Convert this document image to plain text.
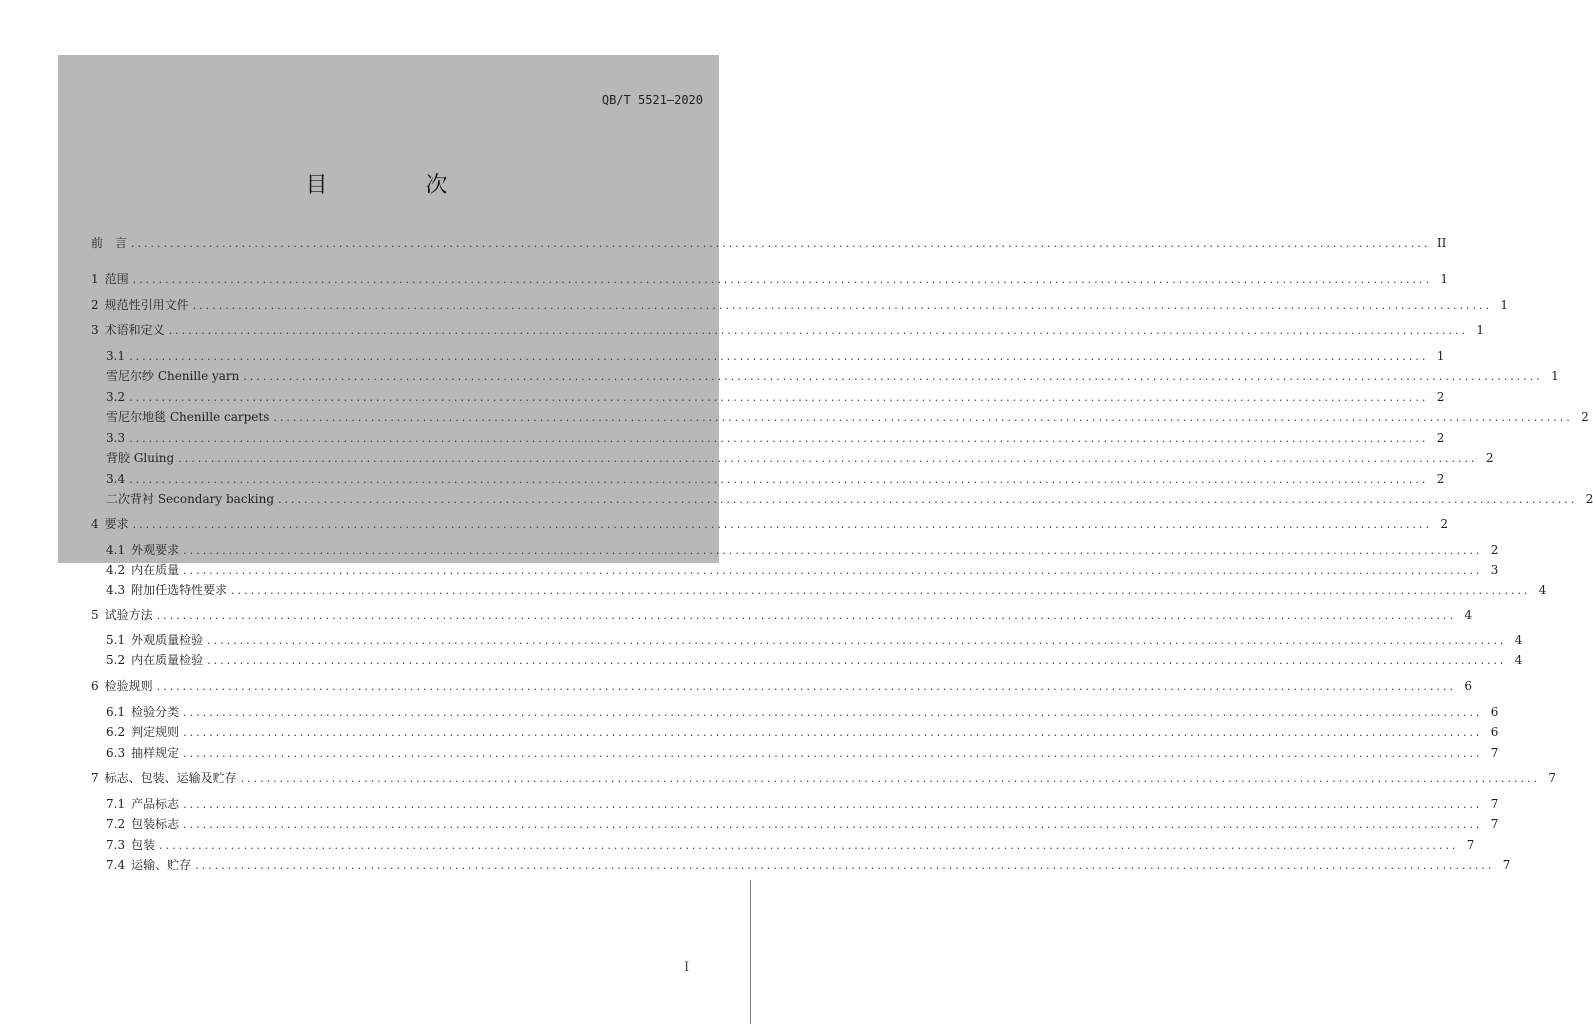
QB/T 5521—2020
目　次
前　言 ........................................................................................................................................................................................................ II
1 范围 ........................................................................................................................................................................................................ 1
2 规范性引用文件 ........................................................................................................................................................................................................ 1
3 术语和定义 ........................................................................................................................................................................................................ 1
3.1 ........................................................................................................................................................................................................ 1
雪尼尔纱 Chenille yarn ........................................................................................................................................................................................................ 1
3.2 ........................................................................................................................................................................................................ 2
雪尼尔地毯 Chenille carpets ........................................................................................................................................................................................................ 2
3.3 ........................................................................................................................................................................................................ 2
背胶 Gluing ........................................................................................................................................................................................................ 2
3.4 ........................................................................................................................................................................................................ 2
二次背衬 Secondary backing ........................................................................................................................................................................................................ 2
4 要求 ........................................................................................................................................................................................................ 2
4.1 外观要求 ........................................................................................................................................................................................................ 2
4.2 内在质量 ........................................................................................................................................................................................................ 3
4.3 附加任选特性要求 ........................................................................................................................................................................................................ 4
5 试验方法 ........................................................................................................................................................................................................ 4
5.1 外观质量检验 ........................................................................................................................................................................................................ 4
5.2 内在质量检验 ........................................................................................................................................................................................................ 4
6 检验规则 ........................................................................................................................................................................................................ 6
6.1 检验分类 ........................................................................................................................................................................................................ 6
6.2 判定规则 ........................................................................................................................................................................................................ 6
6.3 抽样规定 ........................................................................................................................................................................................................ 7
7 标志、包装、运输及贮存 ........................................................................................................................................................................................................ 7
7.1 产品标志 ........................................................................................................................................................................................................ 7
7.2 包装标志 ........................................................................................................................................................................................................ 7
7.3 包装 ........................................................................................................................................................................................................ 7
7.4 运输、贮存 ........................................................................................................................................................................................................ 7
I
